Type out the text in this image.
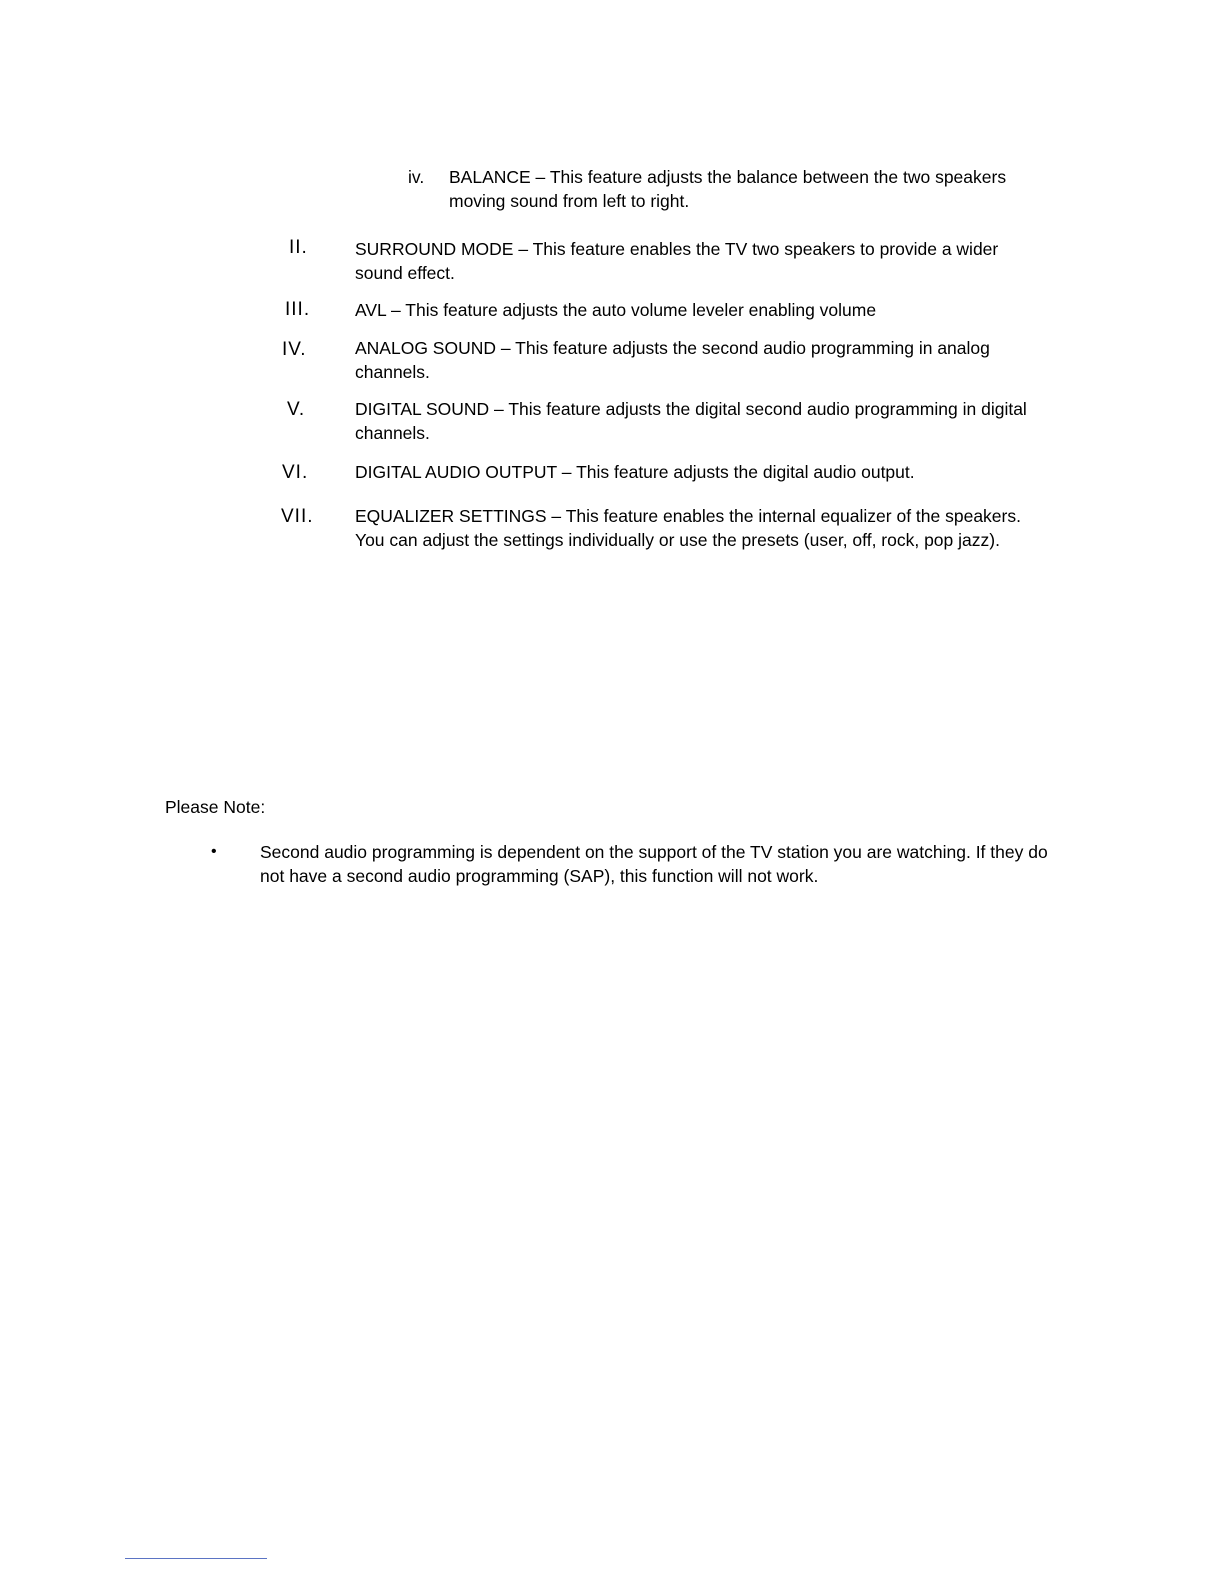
iv. BALANCE – This feature adjusts the balance between the two speakers moving sound from left to right.
II.	SURROUND MODE – This feature enables the TV two speakers to provide a wider sound effect.
III.	AVL – This feature adjusts the auto volume leveler enabling volume
IV.	ANALOG SOUND – This feature adjusts the second audio programming in analog channels.
V.	DIGITAL SOUND – This feature adjusts the digital second audio programming in digital channels.
VI.	DIGITAL AUDIO OUTPUT – This feature adjusts the digital audio output.
VII. EQUALIZER SETTINGS – This feature enables the internal equalizer of the speakers. You can adjust the settings individually or use the presets (user, off, rock, pop jazz).
Please Note:
• Second audio programming is dependent on the support of the TV station you are watching. If they do not have a second audio programming (SAP), this function will not work.
